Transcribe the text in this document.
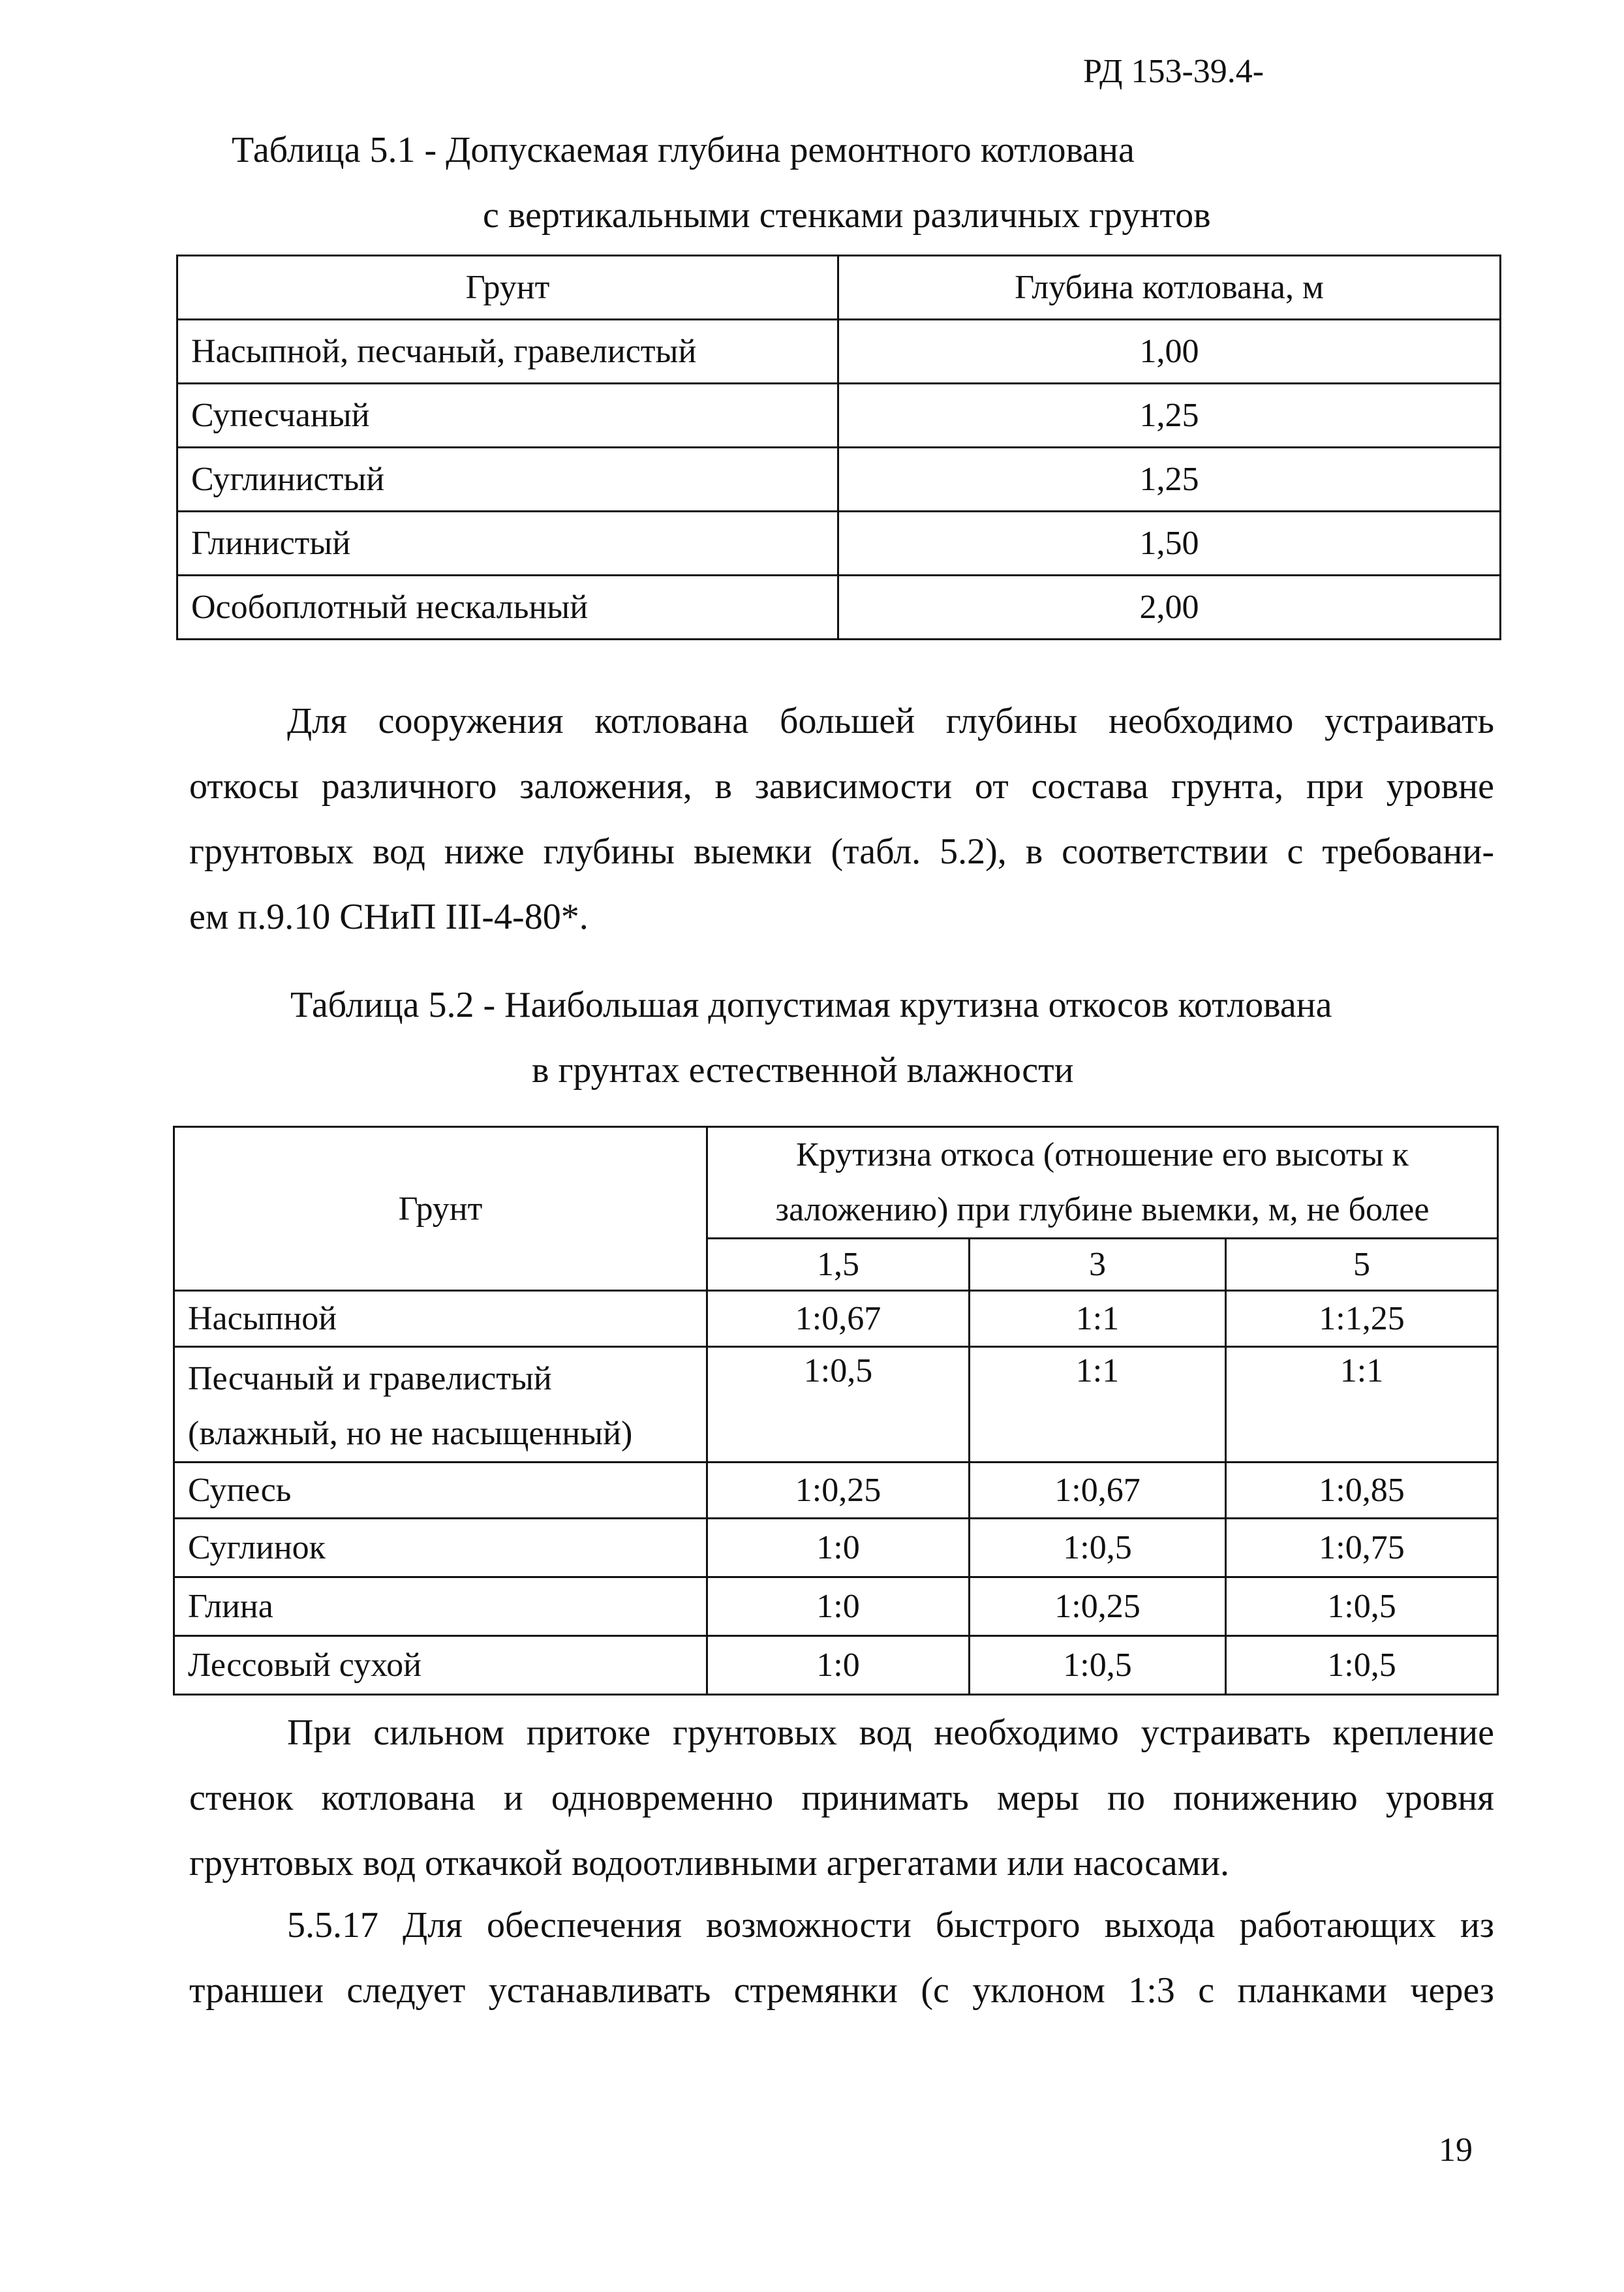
РД 153-39.4-
Таблица 5.1 - Допускаемая глубина ремонтного котлована
с вертикальными стенками различных грунтов
Грунт	Глубина котлована, м
Насыпной, песчаный, гравелистый	1,00
Супесчаный	1,25
Суглинистый	1,25
Глинистый	1,50
Особоплотный нескальный	2,00
Для сооружения котлована большей глубины необходимо устраивать
откосы различного заложения, в зависимости от состава грунта, при уровне
грунтовых вод ниже глубины выемки (табл. 5.2), в соответствии с требовани-
ем п.9.10 СНиП III-4-80*.
Таблица 5.2 - Наибольшая допустимая крутизна откосов котлована
в грунтах естественной влажности
Грунт	Крутизна откоса (отношение его высоты к заложению) при глубине выемки, м, не более		
	1,5	3	5
Насыпной	1:0,67	1:1	1:1,25
Песчаный и гравелистый (влажный, но не насыщенный)	1:0,5	1:1	1:1
Супесь	1:0,25	1:0,67	1:0,85
Суглинок	1:0	1:0,5	1:0,75
Глина	1:0	1:0,25	1:0,5
Лессовый сухой	1:0	1:0,5	1:0,5
При сильном притоке грунтовых вод необходимо устраивать крепление
стенок котлована и одновременно принимать меры по понижению уровня
грунтовых вод откачкой водоотливными агрегатами или насосами.
5.5.17 Для обеспечения возможности быстрого выхода работающих из
траншеи следует устанавливать стремянки (с уклоном 1:3 с планками через
19
